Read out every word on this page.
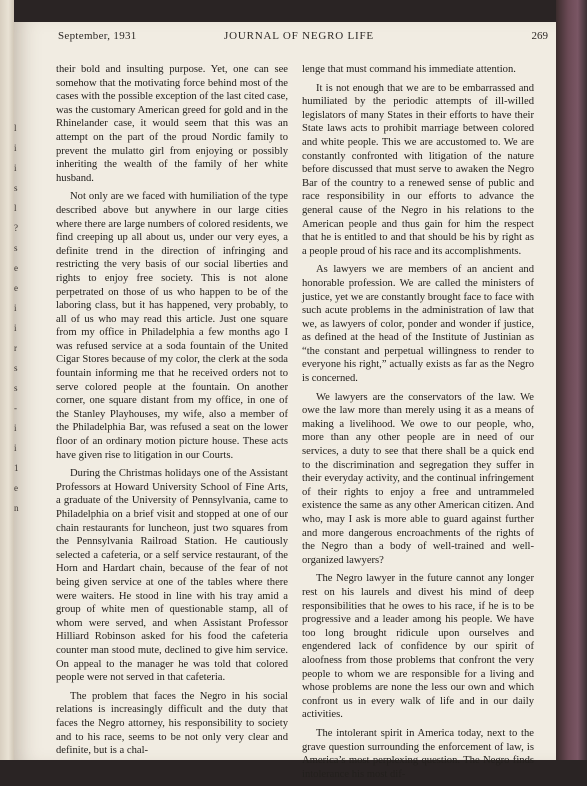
l
i
i
s
l
?
s
e
e
i
i
r
s
s
-
i
i
1
e
n
September, 1931	JOURNAL OF NEGRO LIFE	269

their bold and insulting purpose. Yet, one can see somehow that the motivating force behind most of the cases with the possible exception of the last cited case, was the customary American greed for gold and in the Rhinelander case, it would seem that this was an attempt on the part of the proud Nordic family to prevent the mulatto girl from enjoying or possibly inheriting the wealth of the family of her white husband.

Not only are we faced with humiliation of the type described above but anywhere in our large cities where there are large numbers of colored residents, we find creeping up all about us, under our very eyes, a definite trend in the direction of infringing and restricting the very basis of our social liberties and rights to enjoy free society. This is not alone perpetrated on those of us who happen to be of the laboring class, but it has happened, very probably, to all of us who may read this article. Just one square from my office in Philadelphia a few months ago I was refused service at a soda fountain of the United Cigar Stores because of my color, the clerk at the soda fountain informing me that he received orders not to serve colored people at the fountain. On another corner, one square distant from my office, in one of the Stanley Playhouses, my wife, also a member of the Philadelphia Bar, was refused a seat on the lower floor of an ordinary motion picture house. These acts have given rise to litigation in our Courts.

During the Christmas holidays one of the Assistant Professors at Howard University School of Fine Arts, a graduate of the University of Pennsylvania, came to Philadelphia on a brief visit and stopped at one of our chain restaurants for luncheon, just two squares from the Pennsylvania Railroad Station. He cautiously selected a cafeteria, or a self service restaurant, of the Horn and Hardart chain, because of the fear of not being given service at one of the tables where there were waiters. He stood in line with his tray amid a group of white men of questionable stamp, all of whom were served, and when Assistant Professor Hilliard Robinson asked for his food the cafeteria counter man stood mute, declined to give him service. On appeal to the manager he was told that colored people were not served in that cafeteria.

The problem that faces the Negro in his social relations is increasingly difficult and the duty that faces the Negro attorney, his responsibility to society and to his race, seems to be not only very clear and definite, but is a chal-

lenge that must command his immediate attention.

It is not enough that we are to be embarrassed and humiliated by the periodic attempts of ill-willed legislators of many States in their efforts to have their State laws acts to prohibit marriage between colored and white people. This we are accustomed to. We are constantly confronted with litigation of the nature before discussed that must serve to awaken the Negro Bar of the country to a renewed sense of public and race responsibility in our efforts to advance the general cause of the Negro in his relations to the American people and thus gain for him the respect that he is entitled to and that should be his by right as a people proud of his race and its accomplishments.

As lawyers we are members of an ancient and honorable profession. We are called the ministers of justice, yet we are constantly brought face to face with such acute problems in the administration of law that we, as lawyers of color, ponder and wonder if justice, as defined at the head of the Institute of Justinian as “the constant and perpetual willingness to render to everyone his right,” actually exists as far as the Negro is concerned.

We lawyers are the conservators of the law. We owe the law more than merely using it as a means of making a livelihood. We owe to our people, who, more than any other people are in need of our services, a duty to see that there shall be a quick end to the discrimination and segregation they suffer in their everyday activity, and the continual infringement of their rights to enjoy a free and untrammeled existence the same as any other American citizen. And who, may I ask is more able to guard against further and more dangerous encroachments of the rights of the Negro than a body of well-trained and well-organized lawyers?

The Negro lawyer in the future cannot any longer rest on his laurels and divest his mind of deep responsibilities that he owes to his race, if he is to be progressive and a leader among his people. We have too long brought ridicule upon ourselves and engendered lack of confidence by our spirit of aloofness from those problems that confront the very people to whom we are responsible for a living and whose problems are none the less our own and which confront us in every walk of life and in our daily activities.

The intolerant spirit in America today, next to the grave question surrounding the enforcement of law, is America’s most perplexing question. The Negro finds intolerance his most dif-
